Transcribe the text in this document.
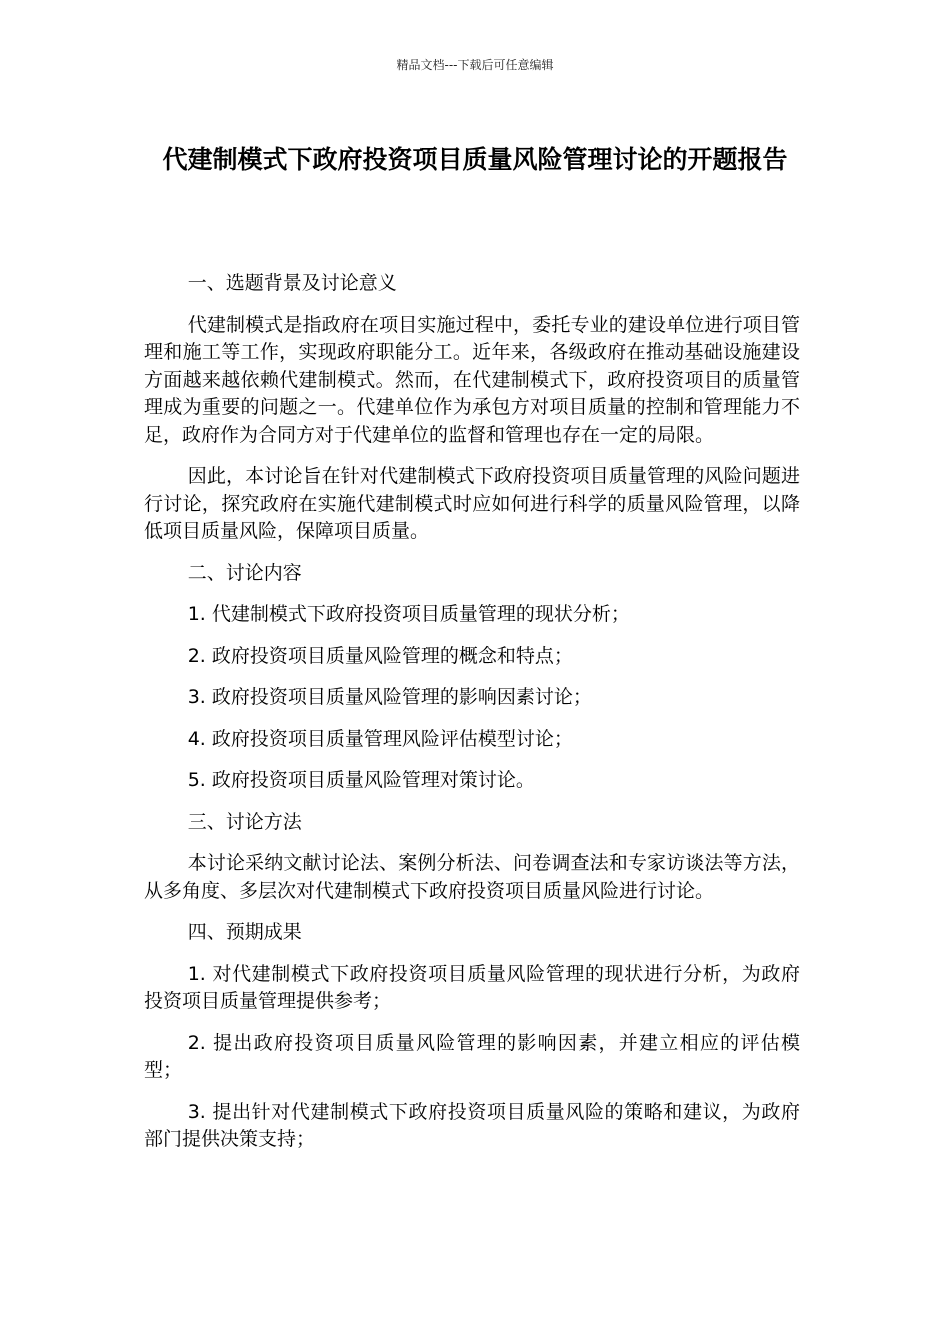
精品文档---下载后可任意编辑
代建制模式下政府投资项目质量风险管理讨论的开题报告

一、选题背景及讨论意义

代建制模式是指政府在项目实施过程中，委托专业的建设单位进行项目管理和施工等工作，实现政府职能分工。近年来，各级政府在推动基础设施建设方面越来越依赖代建制模式。然而，在代建制模式下，政府投资项目的质量管理成为重要的问题之一。代建单位作为承包方对项目质量的控制和管理能力不足，政府作为合同方对于代建单位的监督和管理也存在一定的局限。

因此，本讨论旨在针对代建制模式下政府投资项目质量管理的风险问题进行讨论，探究政府在实施代建制模式时应如何进行科学的质量风险管理，以降低项目质量风险，保障项目质量。

二、讨论内容

1. 代建制模式下政府投资项目质量管理的现状分析；

2. 政府投资项目质量风险管理的概念和特点；

3. 政府投资项目质量风险管理的影响因素讨论；

4. 政府投资项目质量管理风险评估模型讨论；

5. 政府投资项目质量风险管理对策讨论。

三、讨论方法

本讨论采纳文献讨论法、案例分析法、问卷调查法和专家访谈法等方法，从多角度、多层次对代建制模式下政府投资项目质量风险进行讨论。

四、预期成果

1. 对代建制模式下政府投资项目质量风险管理的现状进行分析，为政府投资项目质量管理提供参考；

2. 提出政府投资项目质量风险管理的影响因素，并建立相应的评估模型；

3. 提出针对代建制模式下政府投资项目质量风险的策略和建议，为政府部门提供决策支持；
